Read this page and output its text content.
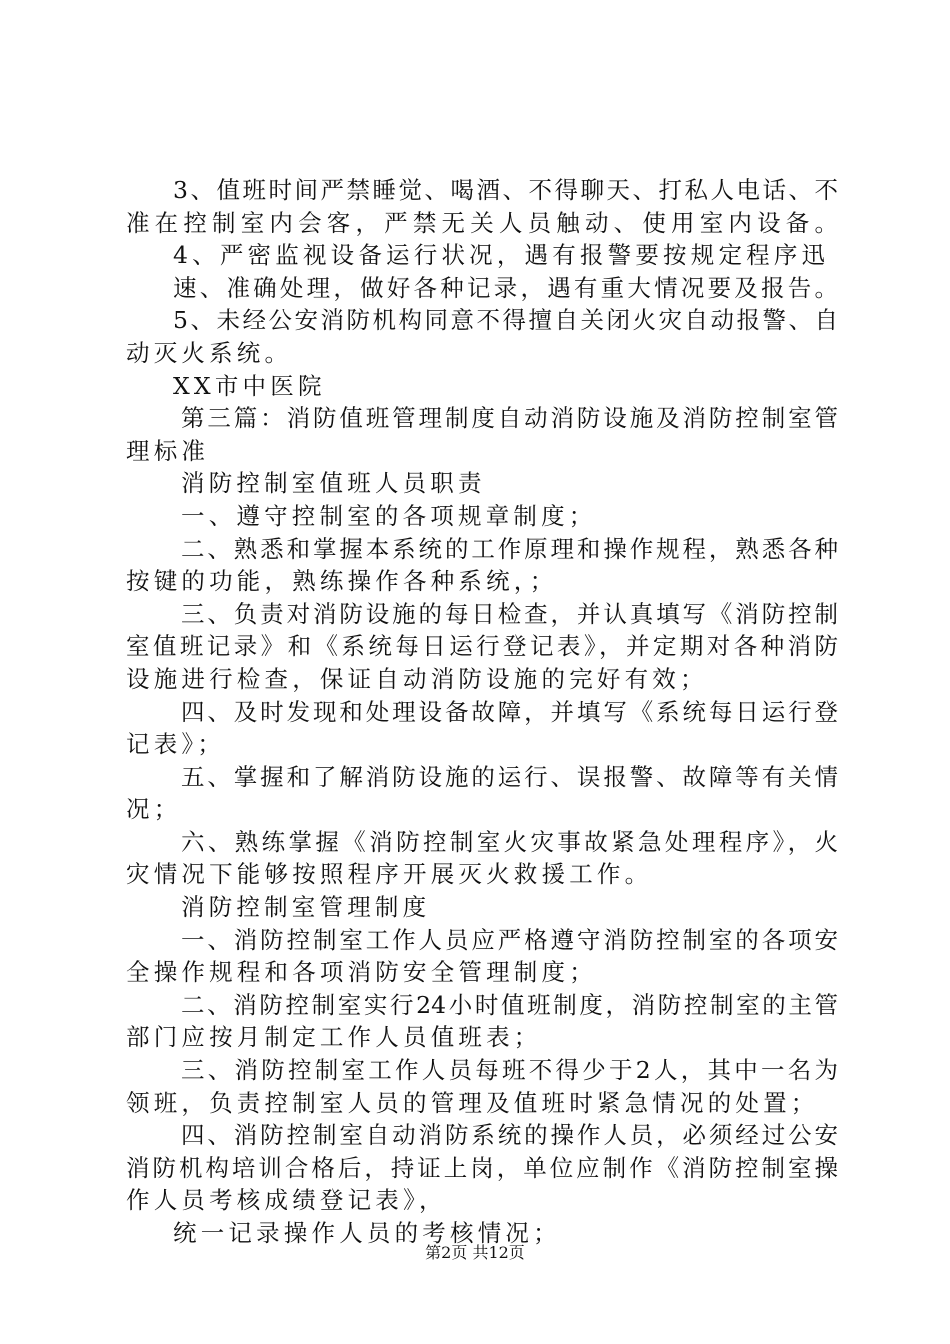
3、值班时间严禁睡觉、喝酒、不得聊天、打私人电话、不
准在控制室内会客，严禁无关人员触动、使用室内设备。
4、严密监视设备运行状况，遇有报警要按规定程序迅
速、准确处理，做好各种记录，遇有重大情况要及报告。
5、未经公安消防机构同意不得擅自关闭火灾自动报警、自
动灭火系统。
XX市中医院
第三篇：消防值班管理制度自动消防设施及消防控制室管
理标准
消防控制室值班人员职责
一、遵守控制室的各项规章制度；
二、熟悉和掌握本系统的工作原理和操作规程，熟悉各种
按键的功能，熟练操作各种系统，；
三、负责对消防设施的每日检查，并认真填写《消防控制
室值班记录》和《系统每日运行登记表》，并定期对各种消防
设施进行检查，保证自动消防设施的完好有效；
四、及时发现和处理设备故障，并填写《系统每日运行登
记表》；
五、掌握和了解消防设施的运行、误报警、故障等有关情
况；
六、熟练掌握《消防控制室火灾事故紧急处理程序》，火
灾情况下能够按照程序开展灭火救援工作。
消防控制室管理制度
一、消防控制室工作人员应严格遵守消防控制室的各项安
全操作规程和各项消防安全管理制度；
二、消防控制室实行24小时值班制度，消防控制室的主管
部门应按月制定工作人员值班表；
三、消防控制室工作人员每班不得少于2人，其中一名为
领班，负责控制室人员的管理及值班时紧急情况的处置；
四、消防控制室自动消防系统的操作人员，必须经过公安
消防机构培训合格后，持证上岗，单位应制作《消防控制室操
作人员考核成绩登记表》，
统一记录操作人员的考核情况；
第2页 共12页
